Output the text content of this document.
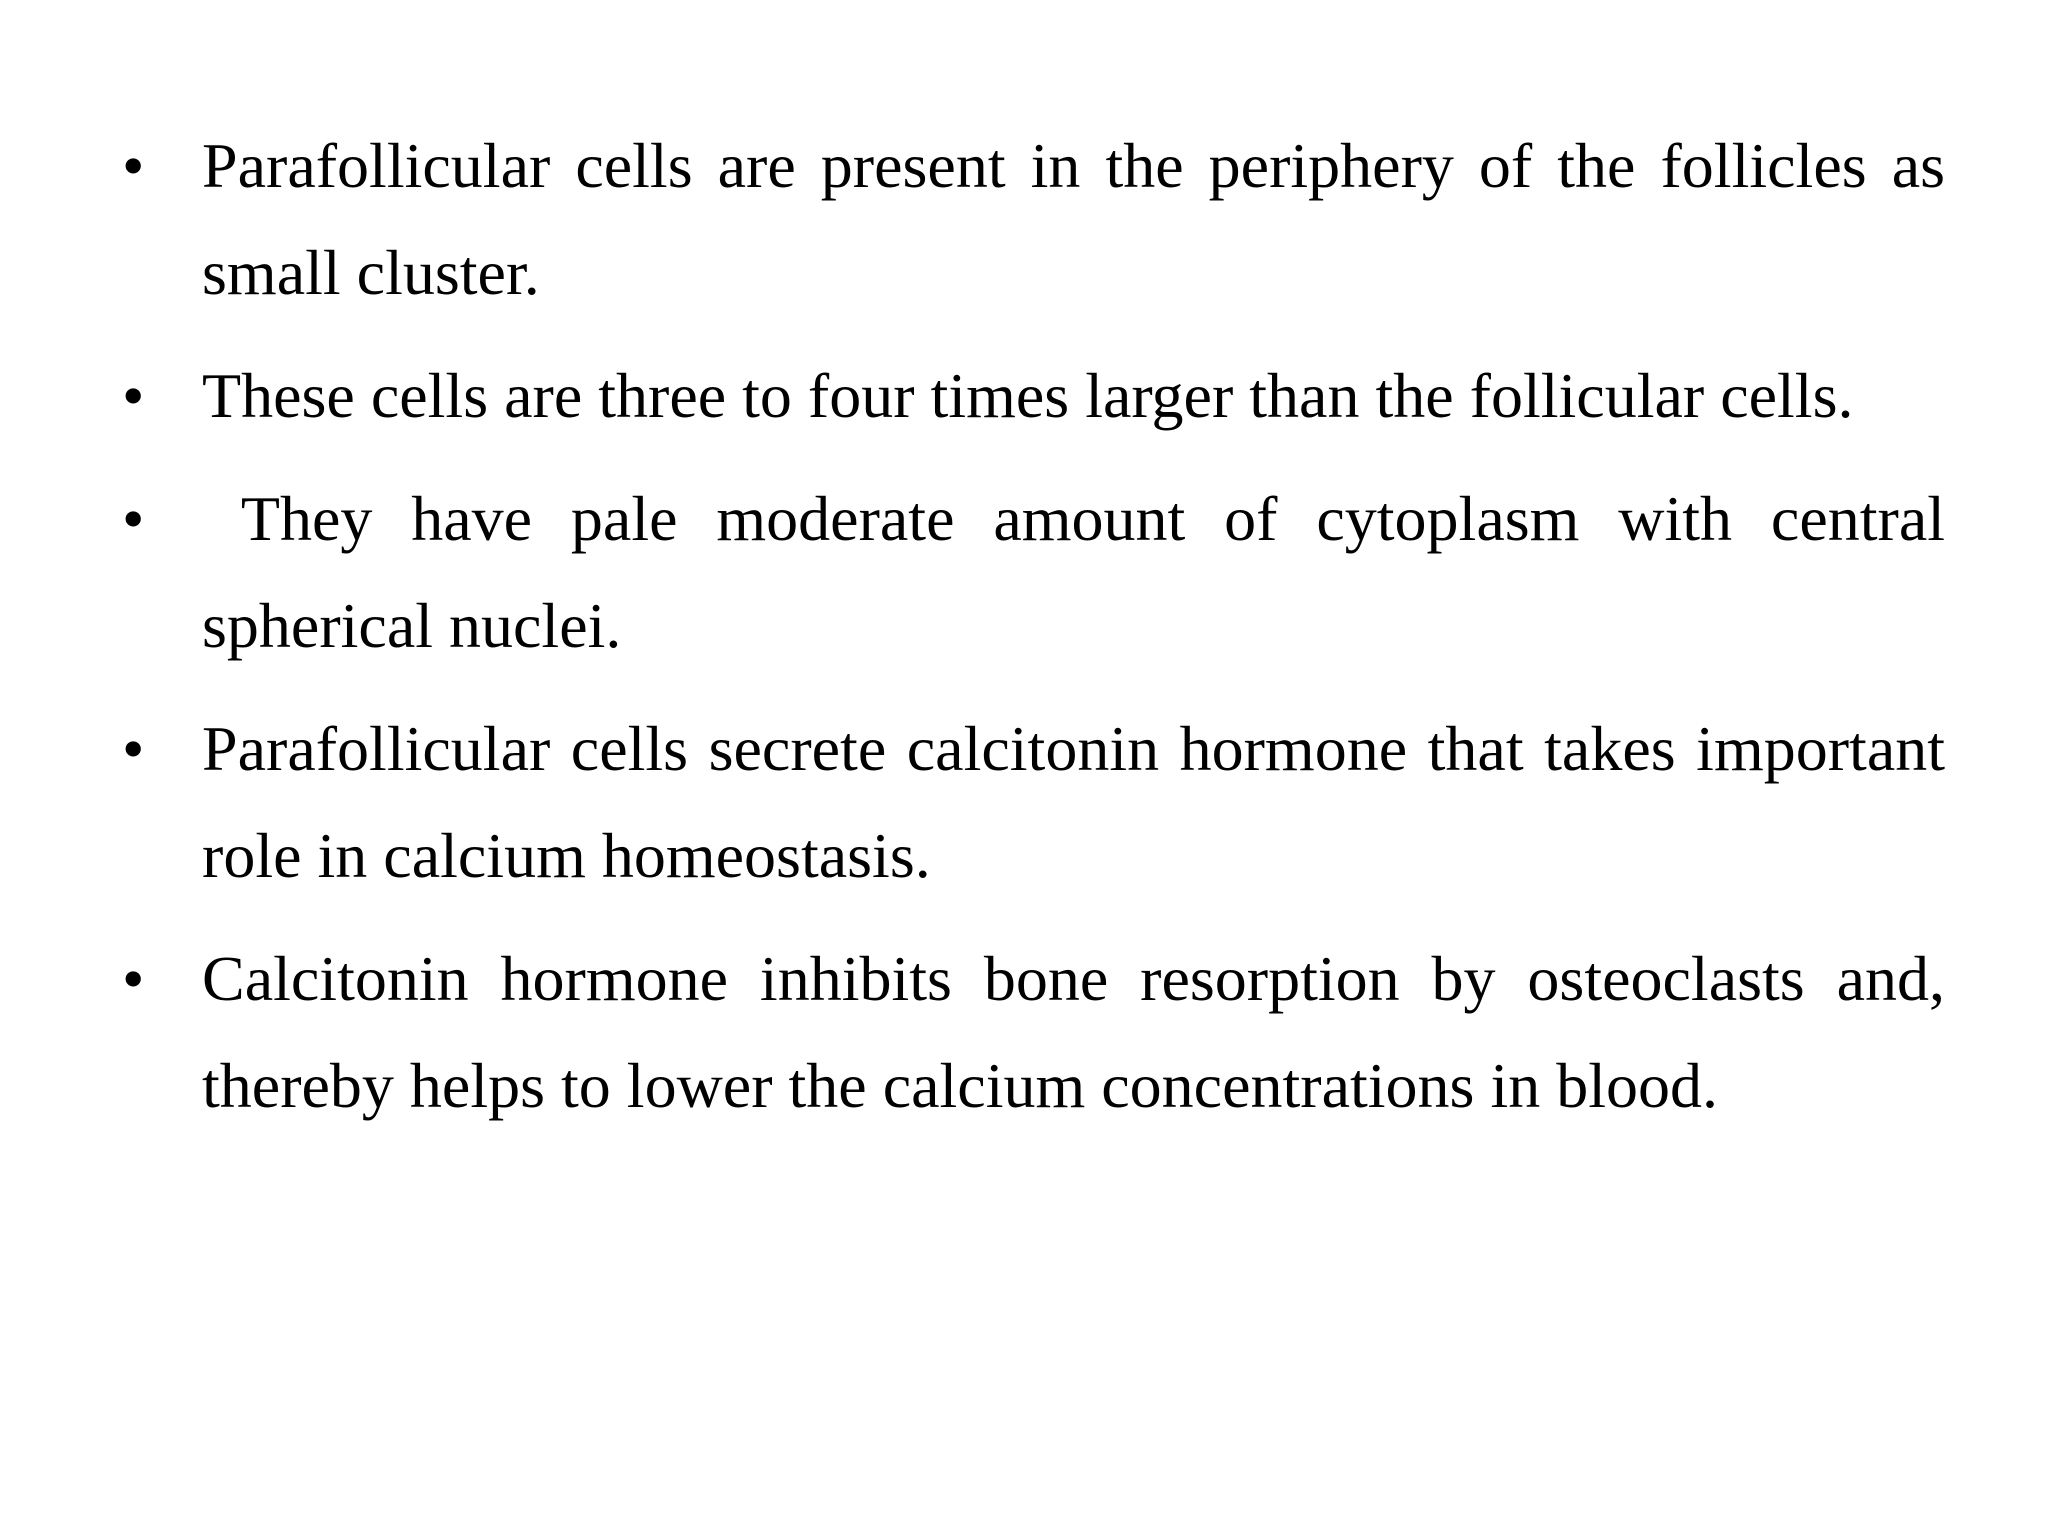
• Parafollicular cells are present in the periphery of the follicles as small cluster.
• These cells are three to four times larger than the follicular cells.
• They have pale moderate amount of cytoplasm with central spherical nuclei.
• Parafollicular cells secrete calcitonin hormone that takes important role in calcium homeostasis.
• Calcitonin hormone inhibits bone resorption by osteoclasts and, thereby helps to lower the calcium concentrations in blood.
